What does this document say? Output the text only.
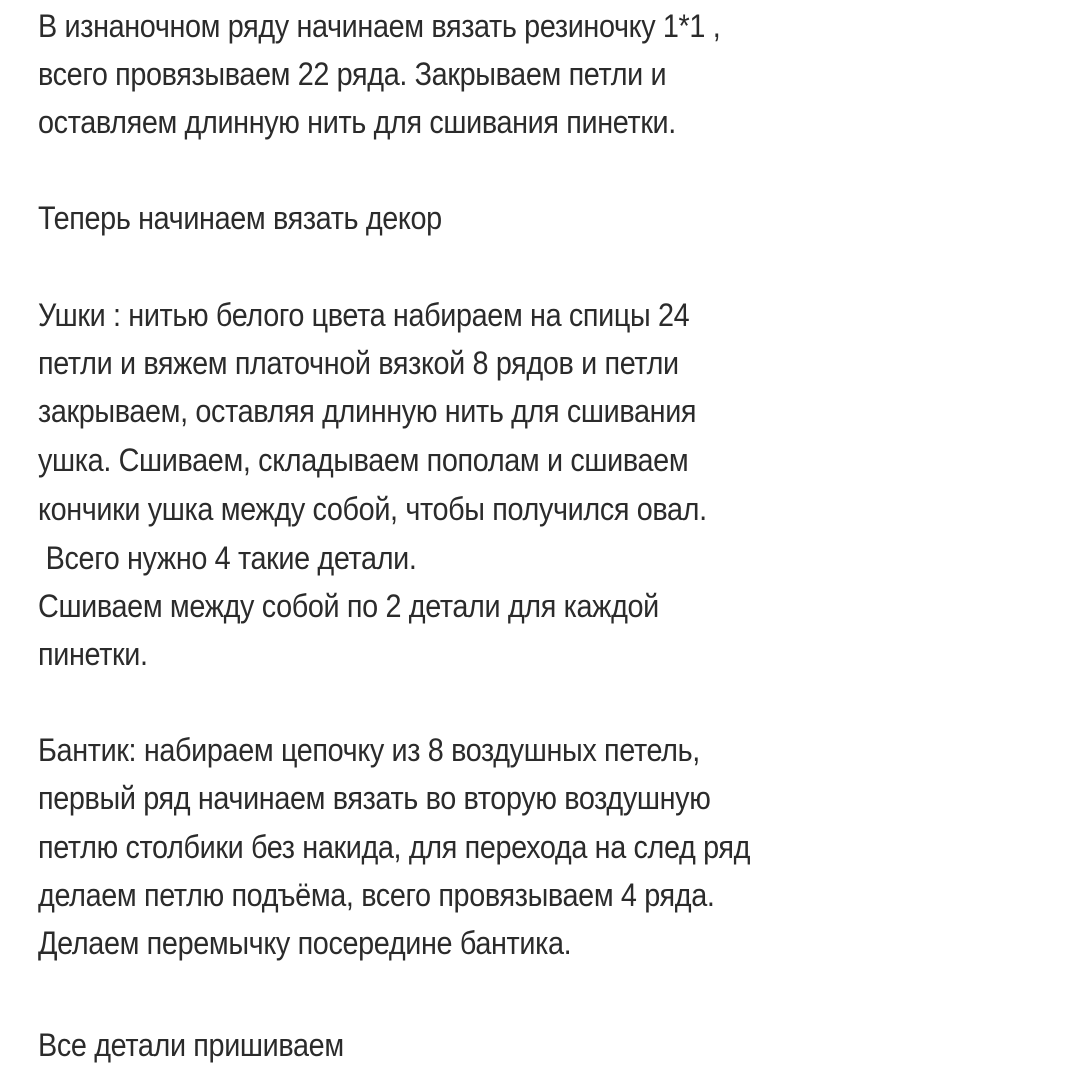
В изнаночном ряду начинаем вязать резиночку 1*1 ,
всего провязываем 22 ряда. Закрываем петли и
оставляем длинную нить для сшивания пинетки.
Теперь начинаем вязать декор
Ушки : нитью белого цвета набираем на спицы 24
петли и вяжем платочной вязкой 8 рядов и петли
закрываем, оставляя длинную нить для сшивания
ушка. Сшиваем, складываем пополам и сшиваем
кончики ушка между собой, чтобы получился овал.
Всего нужно 4 такие детали.
Сшиваем между собой по 2 детали для каждой
пинетки.
Бантик: набираем цепочку из 8 воздушных петель,
первый ряд начинаем вязать во вторую воздушную
петлю столбики без накида, для перехода на след ряд
делаем петлю подъёма, всего провязываем 4 ряда.
Делаем перемычку посередине бантика.
Все детали пришиваем
